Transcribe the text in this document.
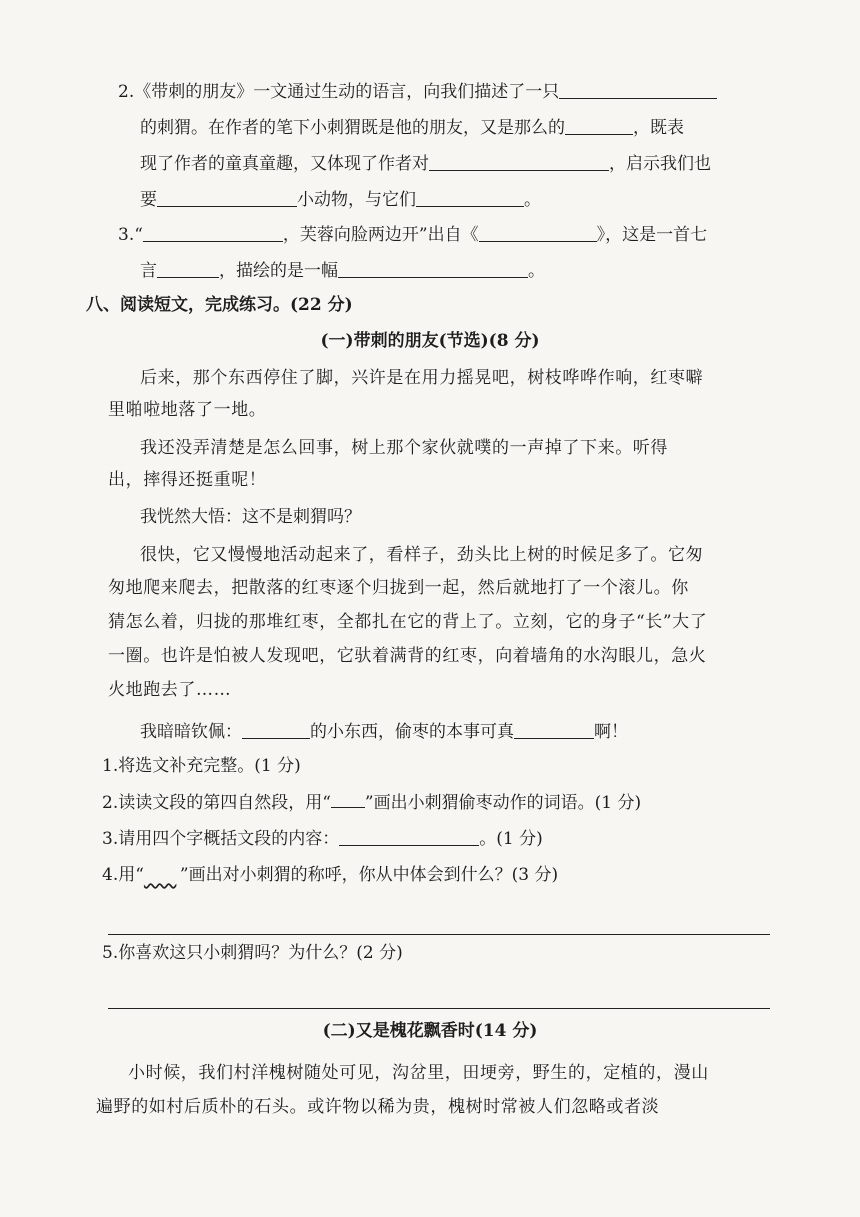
2.《带刺的朋友》一文通过生动的语言，向我们描述了一只
的刺猬。在作者的笔下小刺猬既是他的朋友，又是那么的	，既表
现了作者的童真童趣，又体现了作者对	，启示我们也
要	小动物，与它们	。
3.“	，芙蓉向脸两边开”出自《	》，这是一首七
言	，描绘的是一幅	。
八、阅读短文，完成练习。(22 分)
(一)带刺的朋友(节选)(8 分)
后来，那个东西停住了脚，兴许是在用力摇晃吧，树枝哗哗作响，红枣噼
里啪啦地落了一地。
我还没弄清楚是怎么回事，树上那个家伙就噗的一声掉了下来。听得
出，摔得还挺重呢！
我恍然大悟：这不是刺猬吗？
很快，它又慢慢地活动起来了，看样子，劲头比上树的时候足多了。它匆
匆地爬来爬去，把散落的红枣逐个归拢到一起，然后就地打了一个滚儿。你
猜怎么着，归拢的那堆红枣，全都扎在它的背上了。立刻，它的身子“长”大了
一圈。也许是怕被人发现吧，它驮着满背的红枣，向着墙角的水沟眼儿，急火
火地跑去了……
我暗暗钦佩：	的小东西，偷枣的本事可真	啊！
1.将选文补充完整。(1 分)
2.读读文段的第四自然段，用“ ”画出小刺猬偷枣动作的词语。(1 分)
3.请用四个字概括文段的内容：	。(1 分)
4.用“​      ”画出对小刺猬的称呼，你从中体会到什么？(3 分)
5.你喜欢这只小刺猬吗？为什么？(2 分)
(二)又是槐花飘香时(14 分)
小时候，我们村洋槐树随处可见，沟岔里，田埂旁，野生的，定植的，漫山
遍野的如村后质朴的石头。或许物以稀为贵，槐树时常被人们忽略或者淡
